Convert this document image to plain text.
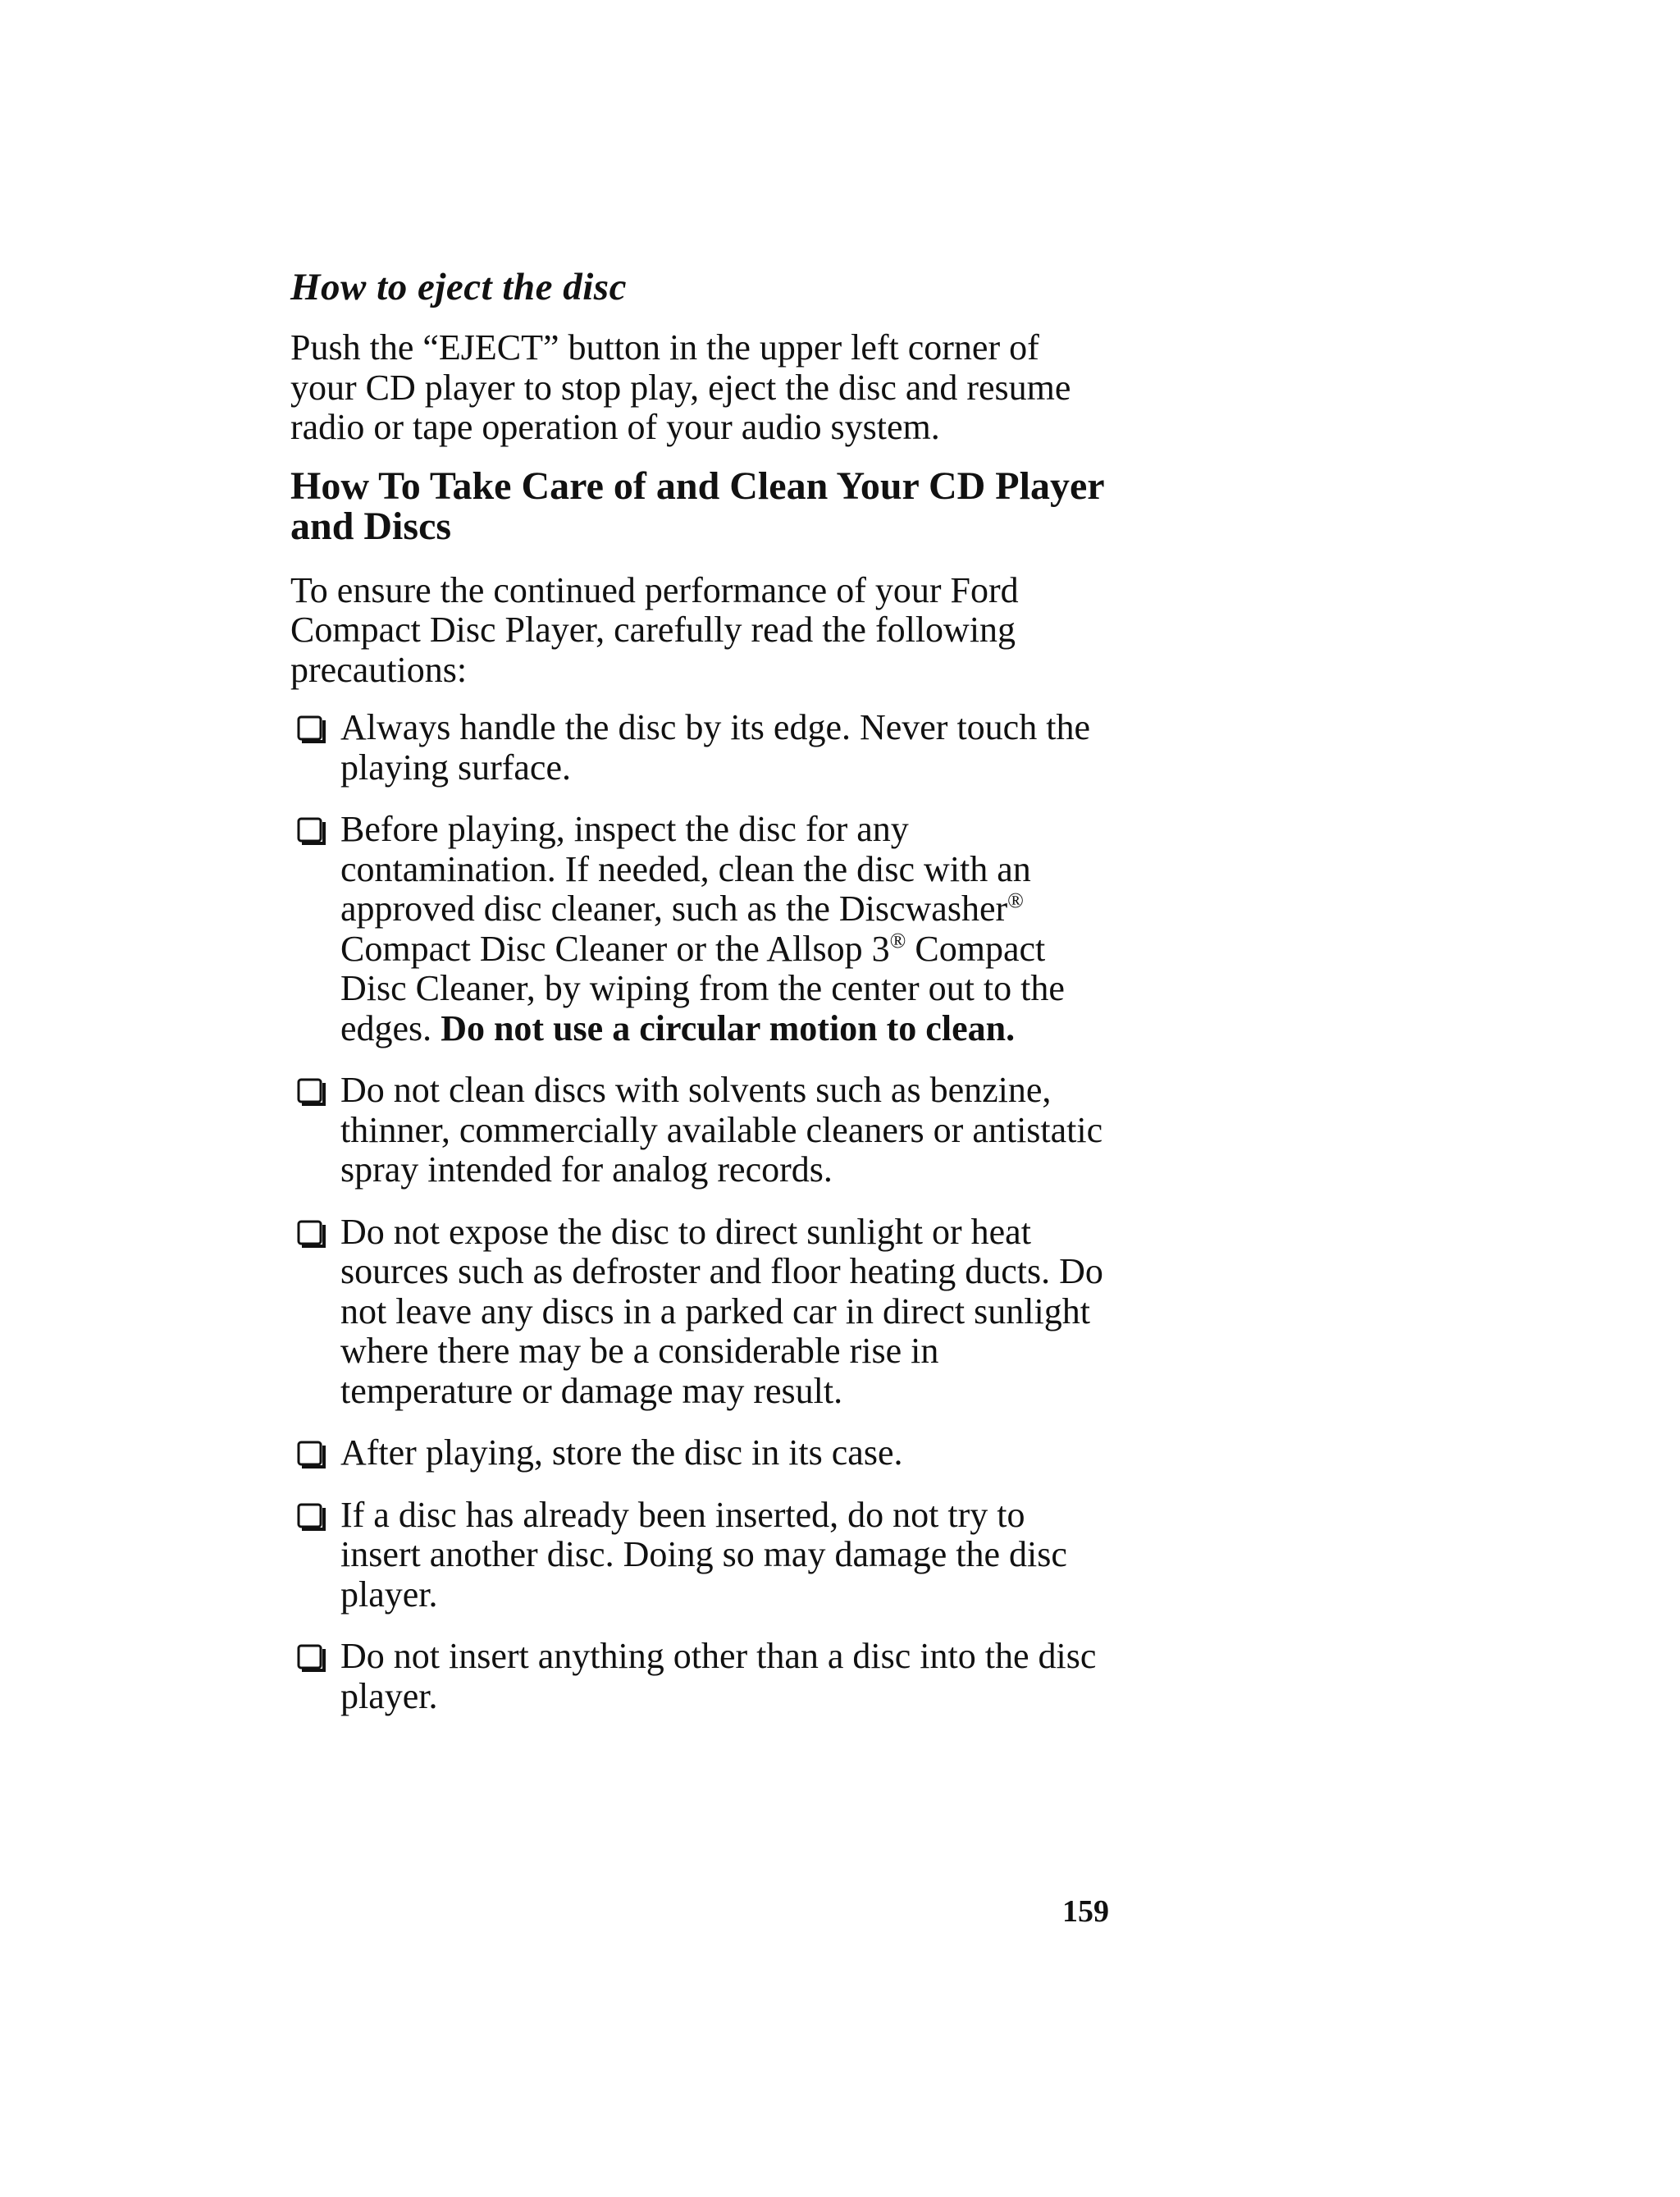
How to eject the disc

Push the “EJECT” button in the upper left corner of your CD player to stop play, eject the disc and resume radio or tape operation of your audio system.

How To Take Care of and Clean Your CD Player and Discs

To ensure the continued performance of your Ford Compact Disc Player, carefully read the following precautions:

Always handle the disc by its edge. Never touch the playing surface.
Before playing, inspect the disc for any contamination. If needed, clean the disc with an approved disc cleaner, such as the Discwasher® Compact Disc Cleaner or the Allsop 3® Compact Disc Cleaner, by wiping from the center out to the edges. Do not use a circular motion to clean.
Do not clean discs with solvents such as benzine, thinner, commercially available cleaners or antistatic spray intended for analog records.
Do not expose the disc to direct sunlight or heat sources such as defroster and floor heating ducts. Do not leave any discs in a parked car in direct sunlight where there may be a considerable rise in temperature or damage may result.
After playing, store the disc in its case.
If a disc has already been inserted, do not try to insert another disc. Doing so may damage the disc player.
Do not insert anything other than a disc into the disc player.
159
